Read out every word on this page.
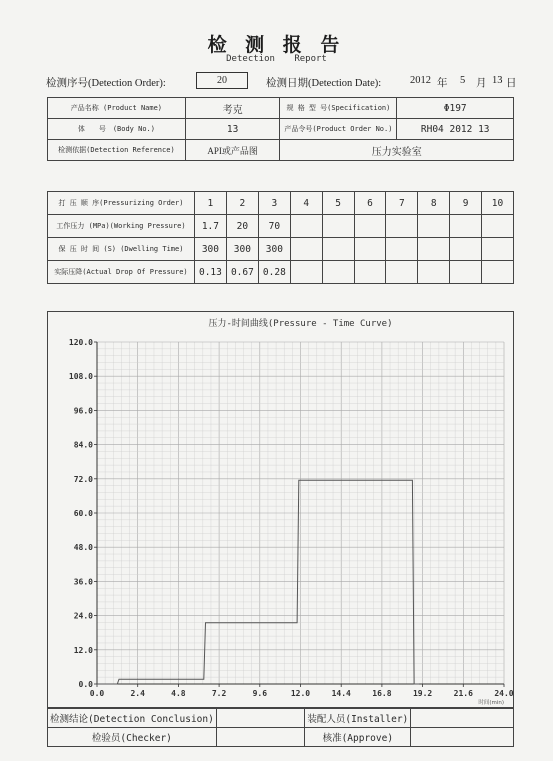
检 测 报 告
Detection Report
检测序号(Detection Order):	20	检测日期(Detection Date):	2012 年 5 月 13 日
产品名称 (Product Name)	考克	规 格 型 号(Specification)	Φ197
体　　号　(Body No.)	13	产品令号(Product Order No.)	RH04 2012 13
检测依据(Detection Reference)	API或产品图	压力实验室	
打 压 顺 序(Pressurizing Order)	1	2	3	4	5	6	7	8	9	10
工作压力 (MPa)(Working Pressure)	1.7	20	70							
保 压 时 间 (S) (Dwelling Time)	300	300	300							
实际压降(Actual Drop Of Pressure)	0.13	0.67	0.28							
压力-时间曲线(Pressure - Time Curve)
0.0
12.0
24.0
36.0
48.0
60.0
72.0
84.0
96.0
108.0
120.0
0.0	2.4	4.8	7.2	9.6	12.0	14.4	16.8	19.2	21.6	24.0
时间(min)
检测结论(Detection Conclusion)		装配人员(Installer)	
检验员(Checker)		核准(Approve)	
